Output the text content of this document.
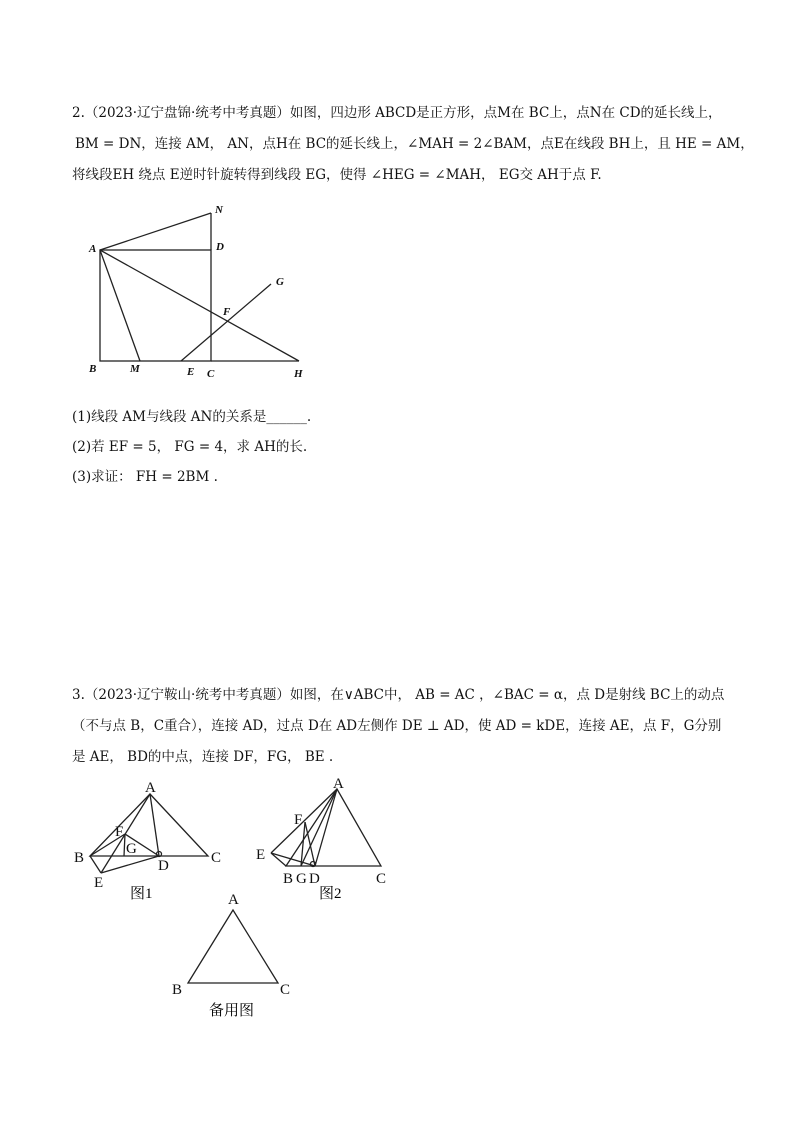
2.（2023·辽宁盘锦·统考中考真题）如图，四边形 ABCD是正方形，点M在 BC上，点N在 CD的延长线上，
BM = DN，连接 AM， AN，点H在 BC的延长线上，∠MAH = 2∠BAM，点E在线段 BH上，且 HE = AM，
将线段EH 绕点 E逆时针旋转得到线段 EG，使得 ∠HEG = ∠MAH， EG交 AH于点 F.
N
A	D
G
F
B	M	E C	H
(1)线段 AM与线段 AN的关系是______.
(2)若 EF = 5， FG = 4，求 AH的长.
(3)求证： FH = 2BM .
3.（2023·辽宁鞍山·统考中考真题）如图，在∨ABC中， AB = AC ，∠BAC = α，点 D是射线 BC上的动点
（不与点 B，C重合），连接 AD，过点 D在 AD左侧作 DE ⊥ AD，使 AD = kDE，连接 AE，点 F，G分别
是 AE， BD的中点，连接 DF，FG， BE .
A
F
G
B	D	C
E
图1
A
F
E
B G D	C
图2
A
B	C
备用图
